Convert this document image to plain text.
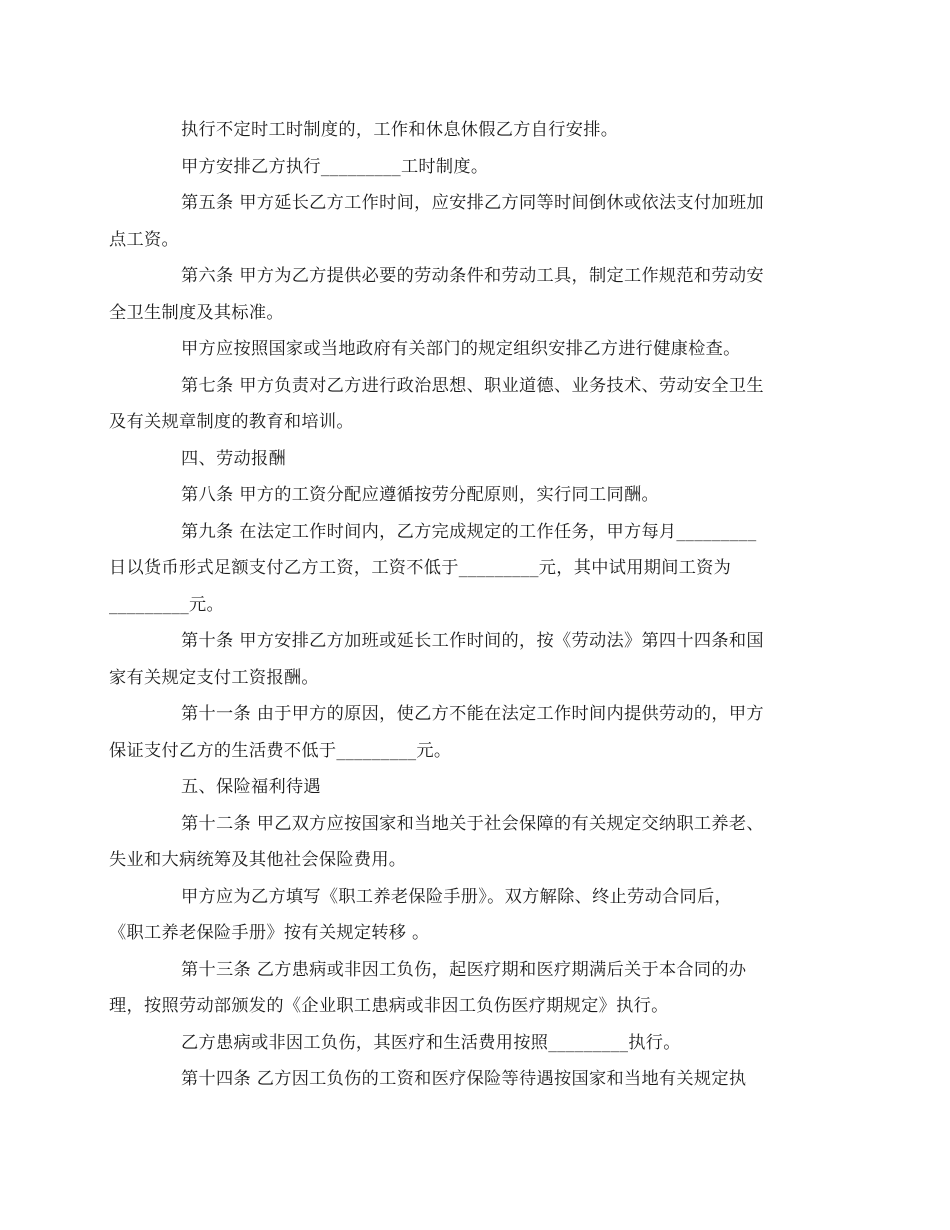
执行不定时工时制度的，工作和休息休假乙方自行安排。

甲方安排乙方执行_________工时制度。

第五条 甲方延长乙方工作时间，应安排乙方同等时间倒休或依法支付加班加
点工资。

第六条 甲方为乙方提供必要的劳动条件和劳动工具，制定工作规范和劳动安
全卫生制度及其标准。

甲方应按照国家或当地政府有关部门的规定组织安排乙方进行健康检查。

第七条 甲方负责对乙方进行政治思想、职业道德、业务技术、劳动安全卫生
及有关规章制度的教育和培训。

四、劳动报酬

第八条 甲方的工资分配应遵循按劳分配原则，实行同工同酬。

第九条 在法定工作时间内，乙方完成规定的工作任务，甲方每月_________
日以货币形式足额支付乙方工资，工资不低于_________元，其中试用期间工资为
_________元。

第十条 甲方安排乙方加班或延长工作时间的，按《劳动法》第四十四条和国
家有关规定支付工资报酬。

第十一条 由于甲方的原因，使乙方不能在法定工作时间内提供劳动的，甲方
保证支付乙方的生活费不低于_________元。

五、保险福利待遇

第十二条 甲乙双方应按国家和当地关于社会保障的有关规定交纳职工养老、
失业和大病统筹及其他社会保险费用。

甲方应为乙方填写《职工养老保险手册》。双方解除、终止劳动合同后，
《职工养老保险手册》按有关规定转移 。

第十三条 乙方患病或非因工负伤，起医疗期和医疗期满后关于本合同的办
理，按照劳动部颁发的《企业职工患病或非因工负伤医疗期规定》执行。

乙方患病或非因工负伤，其医疗和生活费用按照_________执行。

第十四条 乙方因工负伤的工资和医疗保险等待遇按国家和当地有关规定执
